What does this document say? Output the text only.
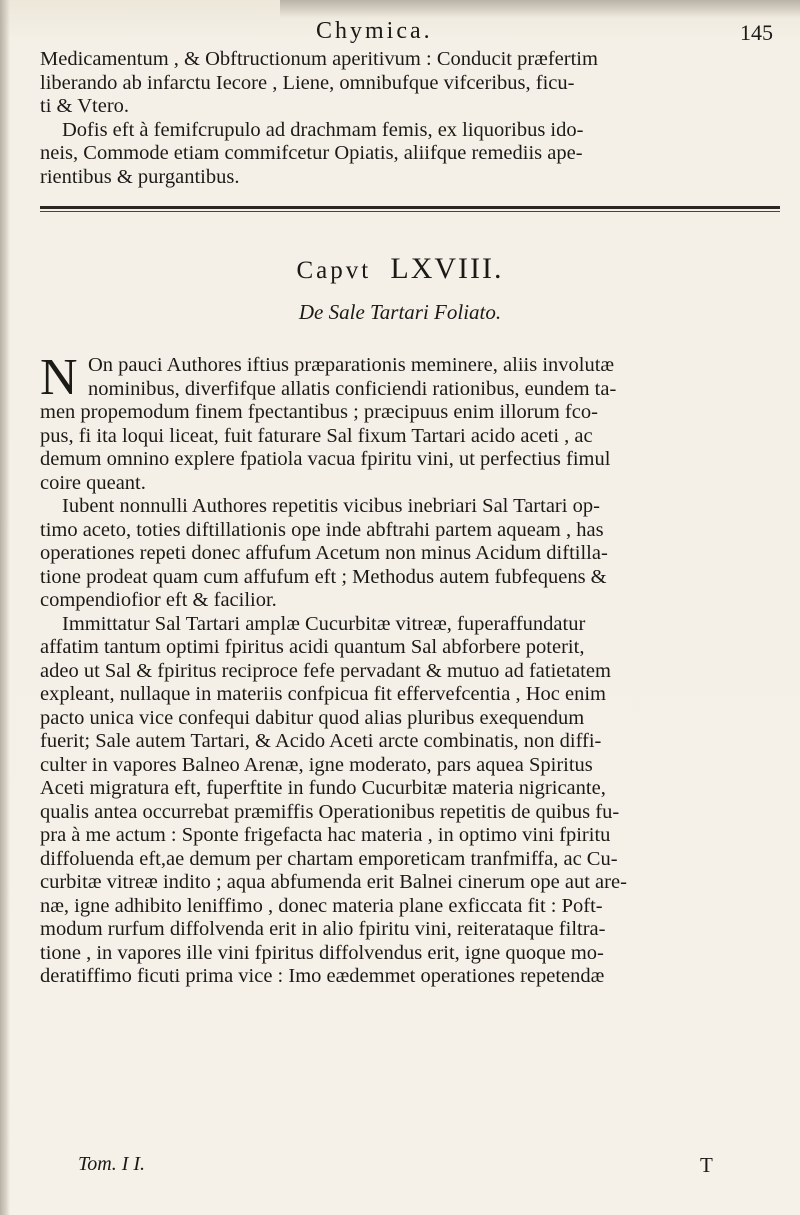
Chymica.	145
Medicamentum , & Obftructionum aperitivum : Conducit præfertim
liberando ab infarctu Iecore , Liene, omnibufque vifceribus, ficu-
ti & Vtero.
Dofis eft à femifcrupulo ad drachmam femis, ex liquoribus ido-
neis, Commode etiam commifcetur Opiatis, aliifque remediis ape-
rientibus & purgantibus.
Capvt LXVIII.
De Sale Tartari Foliato.
N On pauci Authores iftius præparationis meminere, aliis involutæ
nominibus, diverfifque allatis conficiendi rationibus, eundem ta-
men propemodum finem fpectantibus ; præcipuus enim illorum fco-
pus, fi ita loqui liceat, fuit faturare Sal fixum Tartari acido aceti , ac
demum omnino explere fpatiola vacua fpiritu vini, ut perfectius fimul
coire queant.
Iubent nonnulli Authores repetitis vicibus inebriari Sal Tartari op-
timo aceto, toties diftillationis ope inde abftrahi partem aqueam , has
operationes repeti donec affufum Acetum non minus Acidum diftilla-
tione prodeat quam cum affufum eft ; Methodus autem fubfequens &
compendiofior eft & facilior.
Immittatur Sal Tartari amplæ Cucurbitæ vitreæ, fuperaffundatur
affatim tantum optimi fpiritus acidi quantum Sal abforbere poterit,
adeo ut Sal & fpiritus reciproce fefe pervadant & mutuo ad fatietatem
expleant, nullaque in materiis confpicua fit effervefcentia , Hoc enim
pacto unica vice confequi dabitur quod alias pluribus exequendum
fuerit; Sale autem Tartari, & Acido Aceti arcte combinatis, non diffi-
culter in vapores Balneo Arenæ, igne moderato, pars aquea Spiritus
Aceti migratura eft, fuperftite in fundo Cucurbitæ materia nigricante,
qualis antea occurrebat præmiffis Operationibus repetitis de quibus fu-
pra à me actum : Sponte frigefacta hac materia , in optimo vini fpiritu
diffoluenda eft,ae demum per chartam emporeticam tranfmiffa, ac Cu-
curbitæ vitreæ indito ; aqua abfumenda erit Balnei cinerum ope aut are-
næ, igne adhibito leniffimo , donec materia plane exficcata fit : Poft-
modum rurfum diffolvenda erit in alio fpiritu vini, reiterataque filtra-
tione , in vapores ille vini fpiritus diffolvendus erit, igne quoque mo-
deratiffimo ficuti prima vice : Imo eædemmet operationes repetendæ
Tom. I I.	T
